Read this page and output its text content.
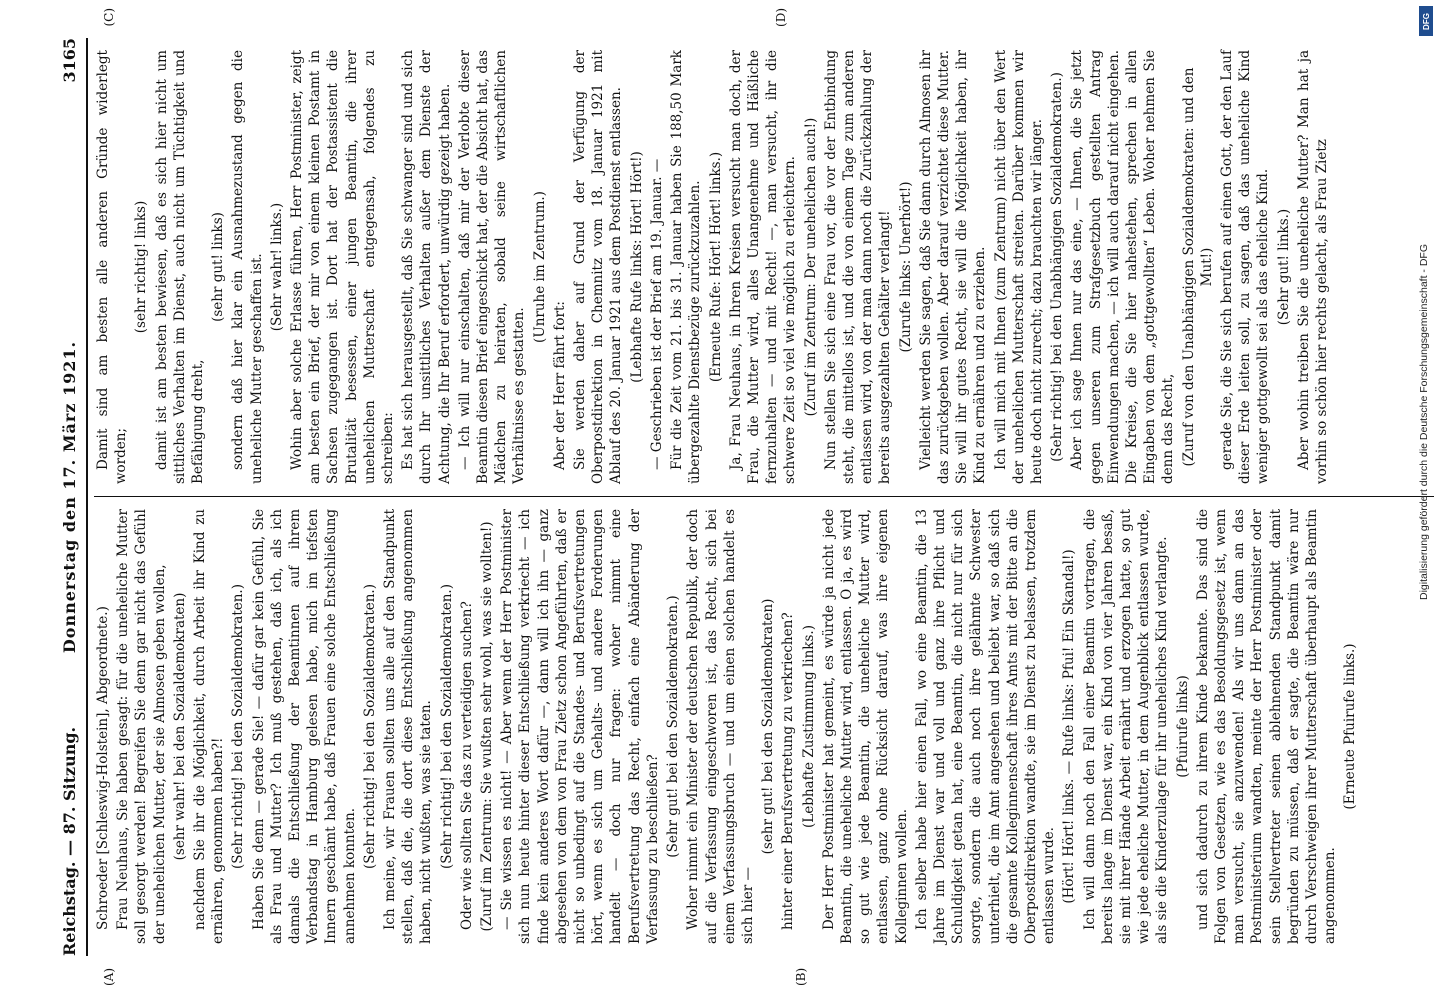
Reichstag. — 87. Sitzung.
Donnerstag den 17. März 1921.
3165
(A)	(B)
(C)	(D)

Schroeder [Schleswig-Holstein], Abgeordnete.) Frau Neuhaus, Sie haben gesagt: für die uneheliche Mutter soll gesorgt werden! Begreifen Sie denn gar nicht das Gefühl der unehelichen Mutter, der sie Almosen geben wollen, (sehr wahr! bei den Sozialdemokraten) nachdem Sie ihr die Möglichkeit, durch Arbeit ihr Kind zu ernähren, genommen haben?! (Sehr richtig! bei den Sozialdemokraten.) Haben Sie denn — gerade Sie! — dafür gar kein Gefühl, Sie als Frau und Mutter? Ich muß gestehen, daß ich, als ich damals die Entschließung der Beamtinnen auf ihrem Verbandstag in Hamburg gelesen habe, mich im tiefsten Innern geschämt habe, daß Frauen eine solche Entschließung annehmen konnten.

(Sehr richtig! bei den Sozialdemokraten.) Ich meine, wir Frauen sollten uns alle auf den Standpunkt stellen, daß die, die dort diese Entschließung angenommen haben, nicht wußten, was sie taten. (Sehr richtig! bei den Sozialdemokraten.) Oder wie sollten Sie das zu verteidigen suchen? (Zuruf im Zentrum: Sie wußten sehr wohl, was sie wollten!) — Sie wissen es nicht! — Aber wenn der Herr Postminister sich nun heute hinter dieser Entschließung verkriecht — ich finde kein anderes Wort dafür —, dann will ich ihn — ganz abgesehen von dem von Frau Zietz schon Angeführten, daß er nicht so unbedingt auf die Standes- und Berufsvertretungen hört, wenn es sich um Gehalts- und andere Forderungen handelt — doch nur fragen: woher nimmt eine Berufsvertretung das Recht, einfach eine Abänderung der Verfassung zu beschließen? (Sehr gut! bei den Sozialdemokraten.) Woher nimmt ein Minister der deutschen Republik, der doch auf die Verfassung eingeschworen ist, das Recht, sich bei einem Verfassungsbruch — und um einen solchen handelt es sich hier —

(sehr gut! bei den Sozialdemokraten) hinter einer Berufsvertretung zu verkriechen? (Lebhafte Zustimmung links.) Der Herr Postminister hat gemeint, es würde ja nicht jede Beamtin, die uneheliche Mutter wird, entlassen. O ja, es wird so gut wie jede Beamtin, die uneheliche Mutter wird, entlassen, ganz ohne Rücksicht darauf, was ihre eigenen Kolleginnen wollen. Ich selber habe hier einen Fall, wo eine Beamtin, die 13 Jahre im Dienst war und voll und ganz ihre Pflicht und Schuldigkeit getan hat, eine Beamtin, die nicht nur für sich sorgte, sondern die auch noch ihre gelähmte Schwester unterhielt, die im Amt angesehen und beliebt war, so daß sich die gesamte Kolleginnenschaft ihres Amts mit der Bitte an die Oberpostdirektion wandte, sie im Dienst zu belassen, trotzdem entlassen wurde. (Hört! Hört! links. — Rufe links: Pfui! Ein Skandal!) Ich will dann noch den Fall einer Beamtin vortragen, die bereits lange im Dienst war, ein Kind von vier Jahren besaß, sie mit ihrer Hände Arbeit ernährt und erzogen hatte, so gut wie jede eheliche Mutter, in dem Augenblick entlassen wurde, als sie die Kinderzulage für ihr uneheliches Kind verlangte. (Pfuirufe links) und sich dadurch zu ihrem Kinde bekannte. Das sind die Folgen von Gesetzen, wie es das Besoldungsgesetz ist, wenn man versucht, sie anzuwenden! Als wir uns dann an das Postministerium wandten, meinte der Herr Postminister oder sein Stellvertreter seinen ablehnenden Standpunkt damit begründen zu müssen, daß er sagte, die Beamtin wäre nur durch Verschweigen ihrer Mutterschaft überhaupt als Beamtin angenommen.

(Erneute Pfuirufe links.)

Damit sind am besten alle anderen Gründe widerlegt worden;

(sehr richtig! links) damit ist am besten bewiesen, daß es sich hier nicht um sittliches Verhalten im Dienst, auch nicht um Tüchtigkeit und Befähigung dreht,

(sehr gut! links) sondern daß hier klar ein Ausnahmezustand gegen die uneheliche Mutter geschaffen ist. (Sehr wahr! links.) Wohin aber solche Erlasse führen, Herr Postminister, zeigt am besten ein Brief, der mir von einem kleinen Postamt in Sachsen zugegangen ist. Dort hat der Postassistent die Brutalität besessen, einer jungen Beamtin, die ihrer unehelichen Mutterschaft entgegensah, folgendes zu schreiben: Es hat sich herausgestellt, daß Sie schwanger sind und sich durch Ihr unsittliches Verhalten außer dem Dienste der Achtung, die Ihr Beruf erfordert, unwürdig gezeigt haben. — Ich will nur einschalten, daß mir der Verlobte dieser Beamtin diesen Brief eingeschickt hat, der die Absicht hat, das Mädchen zu heiraten, sobald seine wirtschaftlichen Verhältnisse es gestatten.

(Unruhe im Zentrum.)

Aber der Herr fährt fort: Sie werden daher auf Grund der Verfügung der Oberpostdirektion in Chemnitz vom 18. Januar 1921 mit Ablauf des 20. Januar 1921 aus dem Postdienst entlassen. (Lebhafte Rufe links: Hört! Hört!) — Geschrieben ist der Brief am 19. Januar. — Für die Zeit vom 21. bis 31. Januar haben Sie 188,50 Mark übergezahlte Dienstbezüge zurückzuzahlen. (Erneute Rufe: Hört! Hört! links.) Ja, Frau Neuhaus, in Ihren Kreisen versucht man doch, der Frau, die Mutter wird, alles Unangenehme und Häßliche fernzuhalten — und mit Recht! —, man versucht, ihr die schwere Zeit so viel wie möglich zu erleichtern. (Zuruf im Zentrum: Der unehelichen auch!) Nun stellen Sie sich eine Frau vor, die vor der Entbindung steht, die mittellos ist, und die von einem Tage zum anderen entlassen wird, von der man dann noch die Zurückzahlung der bereits ausgezahlten Gehälter verlangt! (Zurufe links: Unerhört!) Vielleicht werden Sie sagen, daß Sie dann durch Almosen ihr das zurückgeben wollen. Aber darauf verzichtet diese Mutter. Sie will ihr gutes Recht, sie will die Möglichkeit haben, ihr Kind zu ernähren und zu erziehen. Ich will mich mit Ihnen (zum Zentrum) nicht über den Wert der unehelichen Mutterschaft streiten. Darüber kommen wir heute doch nicht zurecht; dazu brauchten wir länger. (Sehr richtig! bei den Unabhängigen Sozialdemokraten.) Aber ich sage Ihnen nur das eine, — Ihnen, die Sie jetzt gegen unseren zum Strafgesetzbuch gestellten Antrag Einwendungen machen, — ich will auch darauf nicht eingehen. Die Kreise, die Sie hier nahestehen, sprechen in allen Eingaben von dem „gottgewollten“ Leben. Woher nehmen Sie denn das Recht, (Zuruf von den Unabhängigen Sozialdemokraten: und den Mut!) gerade Sie, die Sie sich berufen auf einen Gott, der den Lauf dieser Erde leiten soll, zu sagen, daß das uneheliche Kind weniger gottgewollt sei als das eheliche Kind. (Sehr gut! links.) Aber wohin treiben Sie die uneheliche Mutter? Man hat ja vorhin so schön hier rechts gelacht, als Frau Zietz	Digitalisierung gefördert durch die Deutsche Forschungsgemeinschaft - DFG
DFG
